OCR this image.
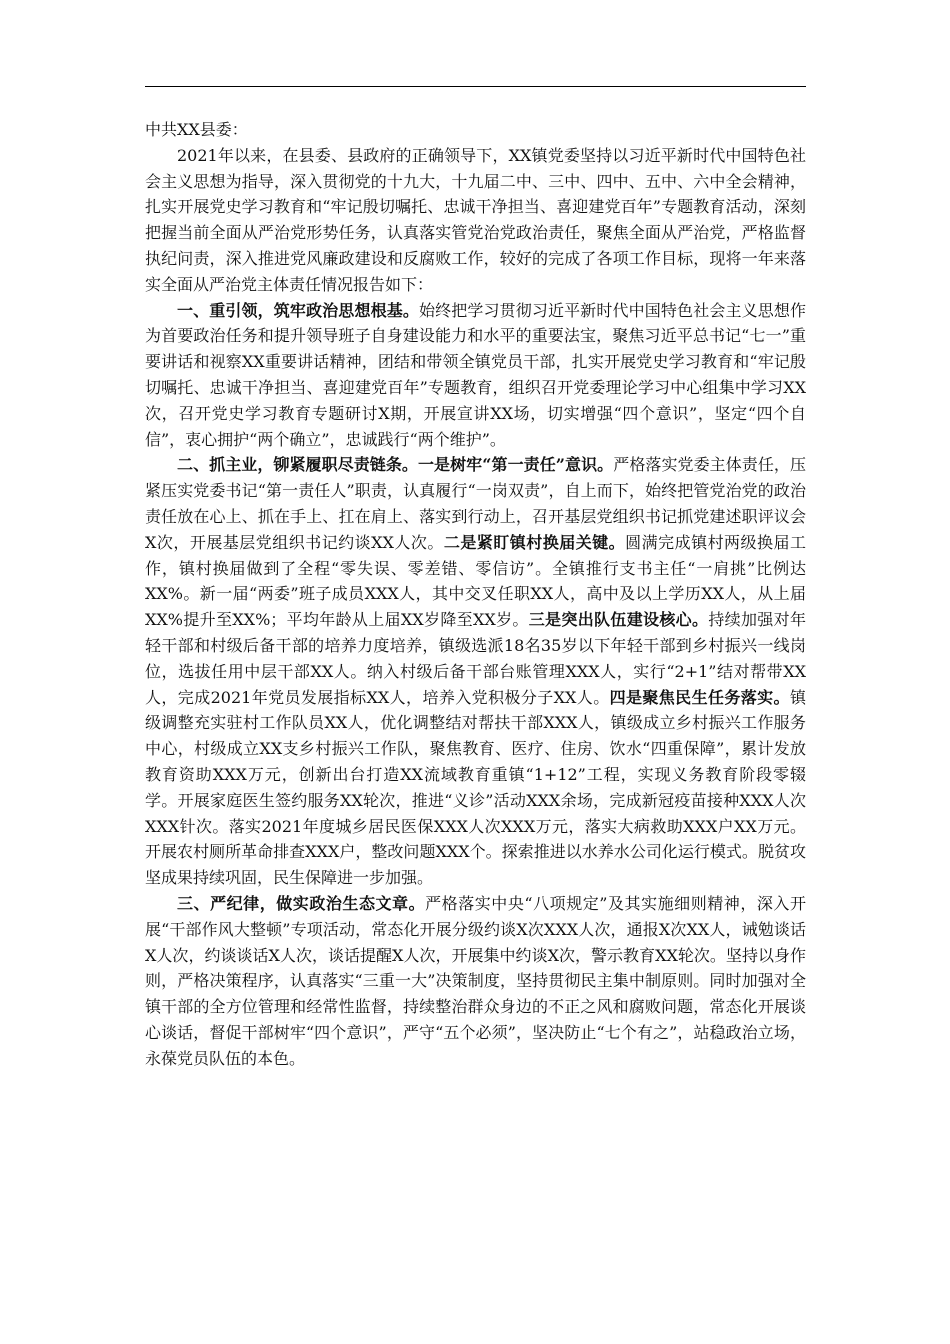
中共XX县委：

2021年以来，在县委、县政府的正确领导下，XX镇党委坚持以习近平新时代中国特色社会主义思想为指导，深入贯彻党的十九大，十九届二中、三中、四中、五中、六中全会精神，扎实开展党史学习教育和“牢记殷切嘱托、忠诚干净担当、喜迎建党百年”专题教育活动，深刻把握当前全面从严治党形势任务，认真落实管党治党政治责任，聚焦全面从严治党，严格监督执纪问责，深入推进党风廉政建设和反腐败工作，较好的完成了各项工作目标，现将一年来落实全面从严治党主体责任情况报告如下：

一、重引领，筑牢政治思想根基。始终把学习贯彻习近平新时代中国特色社会主义思想作为首要政治任务和提升领导班子自身建设能力和水平的重要法宝，聚焦习近平总书记“七一”重要讲话和视察XX重要讲话精神，团结和带领全镇党员干部，扎实开展党史学习教育和“牢记殷切嘱托、忠诚干净担当、喜迎建党百年”专题教育，组织召开党委理论学习中心组集中学习XX次，召开党史学习教育专题研讨X期，开展宣讲XX场，切实增强“四个意识”，坚定“四个自信”，衷心拥护“两个确立”，忠诚践行“两个维护”。

二、抓主业，铆紧履职尽责链条。一是树牢“第一责任”意识。严格落实党委主体责任，压紧压实党委书记“第一责任人”职责，认真履行“一岗双责”，自上而下，始终把管党治党的政治责任放在心上、抓在手上、扛在肩上、落实到行动上，召开基层党组织书记抓党建述职评议会X次，开展基层党组织书记约谈XX人次。二是紧盯镇村换届关键。圆满完成镇村两级换届工作，镇村换届做到了全程“零失误、零差错、零信访”。全镇推行支书主任“一肩挑”比例达XX%。新一届“两委”班子成员XXX人，其中交叉任职XX人，高中及以上学历XX人，从上届XX%提升至XX%；平均年龄从上届XX岁降至XX岁。三是突出队伍建设核心。持续加强对年轻干部和村级后备干部的培养力度培养，镇级选派18名35岁以下年轻干部到乡村振兴一线岗位，选拔任用中层干部XX人。纳入村级后备干部台账管理XXX人，实行“2+1”结对帮带XX人，完成2021年党员发展指标XX人，培养入党积极分子XX人。四是聚焦民生任务落实。镇级调整充实驻村工作队员XX人，优化调整结对帮扶干部XXX人，镇级成立乡村振兴工作服务中心，村级成立XX支乡村振兴工作队，聚焦教育、医疗、住房、饮水“四重保障”，累计发放教育资助XXX万元，创新出台打造XX流域教育重镇“1+12”工程，实现义务教育阶段零辍学。开展家庭医生签约服务XX轮次，推进“义诊”活动XXX余场，完成新冠疫苗接种XXX人次XXX针次。落实2021年度城乡居民医保XXX人次XXX万元，落实大病救助XXX户XX万元。开展农村厕所革命排查XXX户，整改问题XXX个。探索推进以水养水公司化运行模式。脱贫攻坚成果持续巩固，民生保障进一步加强。

三、严纪律，做实政治生态文章。严格落实中央“八项规定”及其实施细则精神，深入开展“干部作风大整顿”专项活动，常态化开展分级约谈X次XXX人次，通报X次XX人，诫勉谈话X人次，约谈谈话X人次，谈话提醒X人次，开展集中约谈X次，警示教育XX轮次。坚持以身作则，严格决策程序，认真落实“三重一大”决策制度，坚持贯彻民主集中制原则。同时加强对全镇干部的全方位管理和经常性监督，持续整治群众身边的不正之风和腐败问题，常态化开展谈心谈话，督促干部树牢“四个意识”，严守“五个必须”，坚决防止“七个有之”，站稳政治立场，永葆党员队伍的本色。
